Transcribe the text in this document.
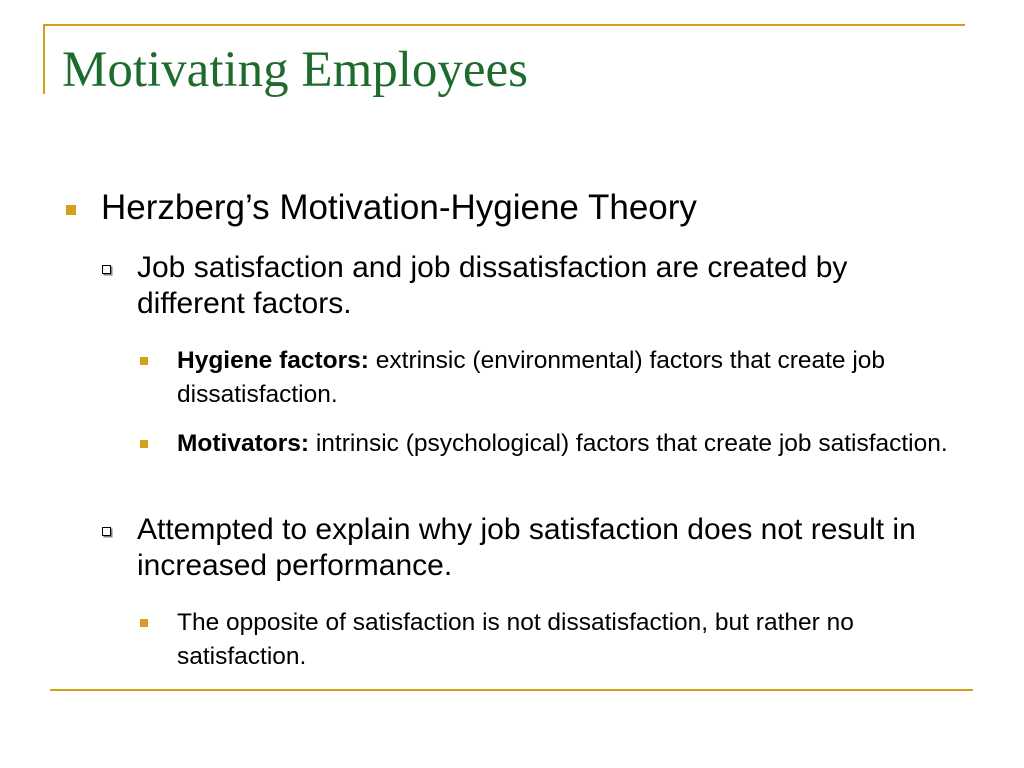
Motivating Employees
Herzberg’s Motivation-Hygiene Theory
Job satisfaction and job dissatisfaction are created by different factors.
Hygiene factors: extrinsic (environmental) factors that create job dissatisfaction.
Motivators: intrinsic (psychological) factors that create job satisfaction.
Attempted to explain why job satisfaction does not result in increased performance.
The opposite of satisfaction is not dissatisfaction, but rather no satisfaction.
